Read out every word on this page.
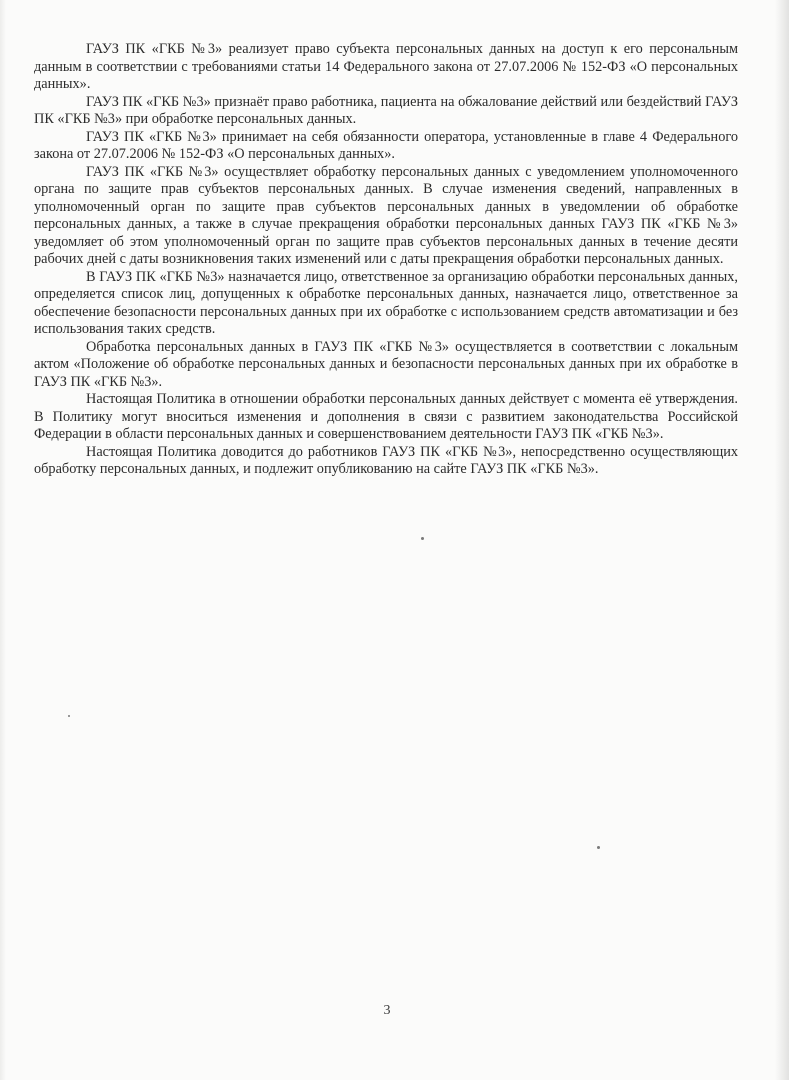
ГАУЗ ПК «ГКБ №3» реализует право субъекта персональных данных на доступ к его персональным данным в соответствии с требованиями статьи 14 Федерального закона от 27.07.2006 № 152-ФЗ «О персональных данных».

ГАУЗ ПК «ГКБ №3» признаёт право работника, пациента на обжалование действий или бездействий ГАУЗ ПК «ГКБ №3» при обработке персональных данных.

ГАУЗ ПК «ГКБ №3» принимает на себя обязанности оператора, установленные в главе 4 Федерального закона от 27.07.2006 № 152-ФЗ «О персональных данных».

ГАУЗ ПК «ГКБ №3» осуществляет обработку персональных данных с уведомлением уполномоченного органа по защите прав субъектов персональных данных. В случае изменения сведений, направленных в уполномоченный орган по защите прав субъектов персональных данных в уведомлении об обработке персональных данных, а также в случае прекращения обработки персональных данных ГАУЗ ПК «ГКБ №3» уведомляет об этом уполномоченный орган по защите прав субъектов персональных данных в течение десяти рабочих дней с даты возникновения таких изменений или с даты прекращения обработки персональных данных.

В ГАУЗ ПК «ГКБ №3» назначается лицо, ответственное за организацию обработки персональных данных, определяется список лиц, допущенных к обработке персональных данных, назначается лицо, ответственное за обеспечение безопасности персональных данных при их обработке с использованием средств автоматизации и без использования таких средств.

Обработка персональных данных в ГАУЗ ПК «ГКБ №3» осуществляется в соответствии с локальным актом «Положение об обработке персональных данных и безопасности персональных данных при их обработке в ГАУЗ ПК «ГКБ №3».

Настоящая Политика в отношении обработки персональных данных действует с момента её утверждения. В Политику могут вноситься изменения и дополнения в связи с развитием законодательства Российской Федерации в области персональных данных и совершенствованием деятельности ГАУЗ ПК «ГКБ №3».

Настоящая Политика доводится до работников ГАУЗ ПК «ГКБ №3», непосредственно осуществляющих обработку персональных данных, и подлежит опубликованию на сайте ГАУЗ ПК «ГКБ №3».

3
